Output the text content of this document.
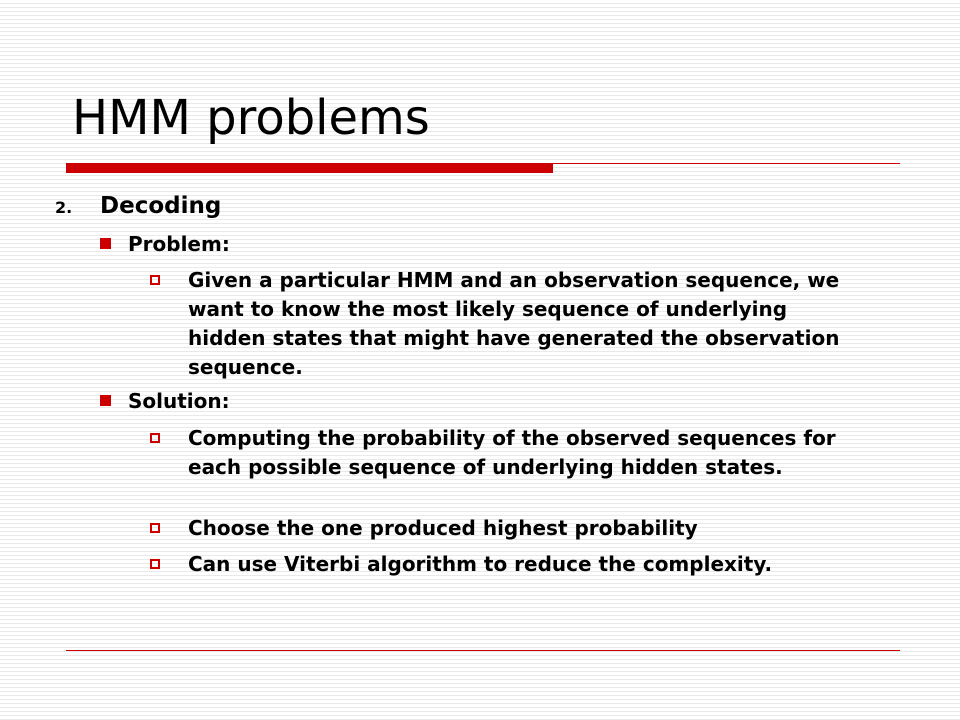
HMM problems
2. Decoding
Problem:
Given a particular HMM and an observation sequence, we want to know the most likely sequence of underlying hidden states that might have generated the observation sequence.
Solution:
Computing the probability of the observed sequences for each possible sequence of underlying hidden states.
Choose the one produced highest probability
Can use Viterbi algorithm to reduce the complexity.
